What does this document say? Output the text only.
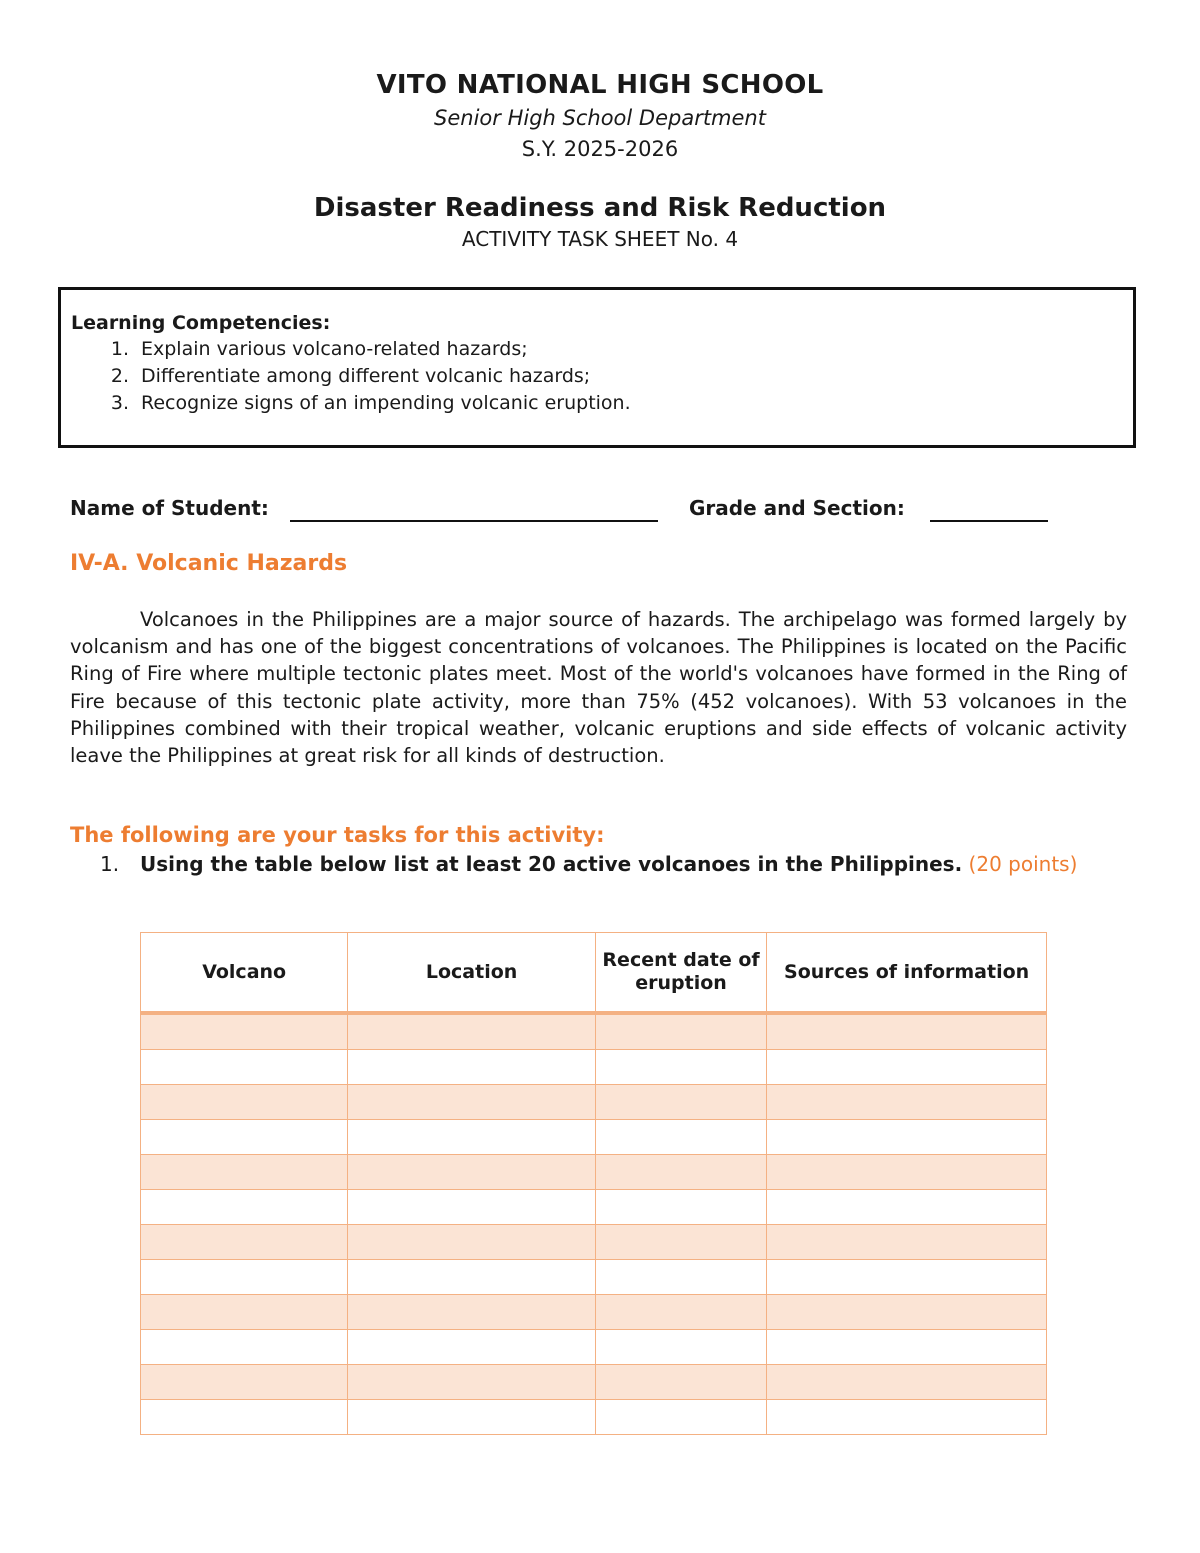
VITO NATIONAL HIGH SCHOOL
Senior High School Department
S.Y. 2025-2026
Disaster Readiness and Risk Reduction
ACTIVITY TASK SHEET No. 4
Learning Competencies:
1. Explain various volcano-related hazards;
2. Differentiate among different volcanic hazards;
3. Recognize signs of an impending volcanic eruption.
Name of Student:	Grade and Section:
IV-A. Volcanic Hazards

Volcanoes in the Philippines are a major source of hazards. The archipelago was formed largely by volcanism and has one of the biggest concentrations of volcanoes. The Philippines is located on the Pacific Ring of Fire where multiple tectonic plates meet. Most of the world's volcanoes have formed in the Ring of Fire because of this tectonic plate activity, more than 75% (452 volcanoes). With 53 volcanoes in the Philippines combined with their tropical weather, volcanic eruptions and side effects of volcanic activity leave the Philippines at great risk for all kinds of destruction.

The following are your tasks for this activity:
1.	Using the table below list at least 20 active volcanoes in the Philippines. (20 points)
Volcano	Location	Recent date of eruption	Sources of information
